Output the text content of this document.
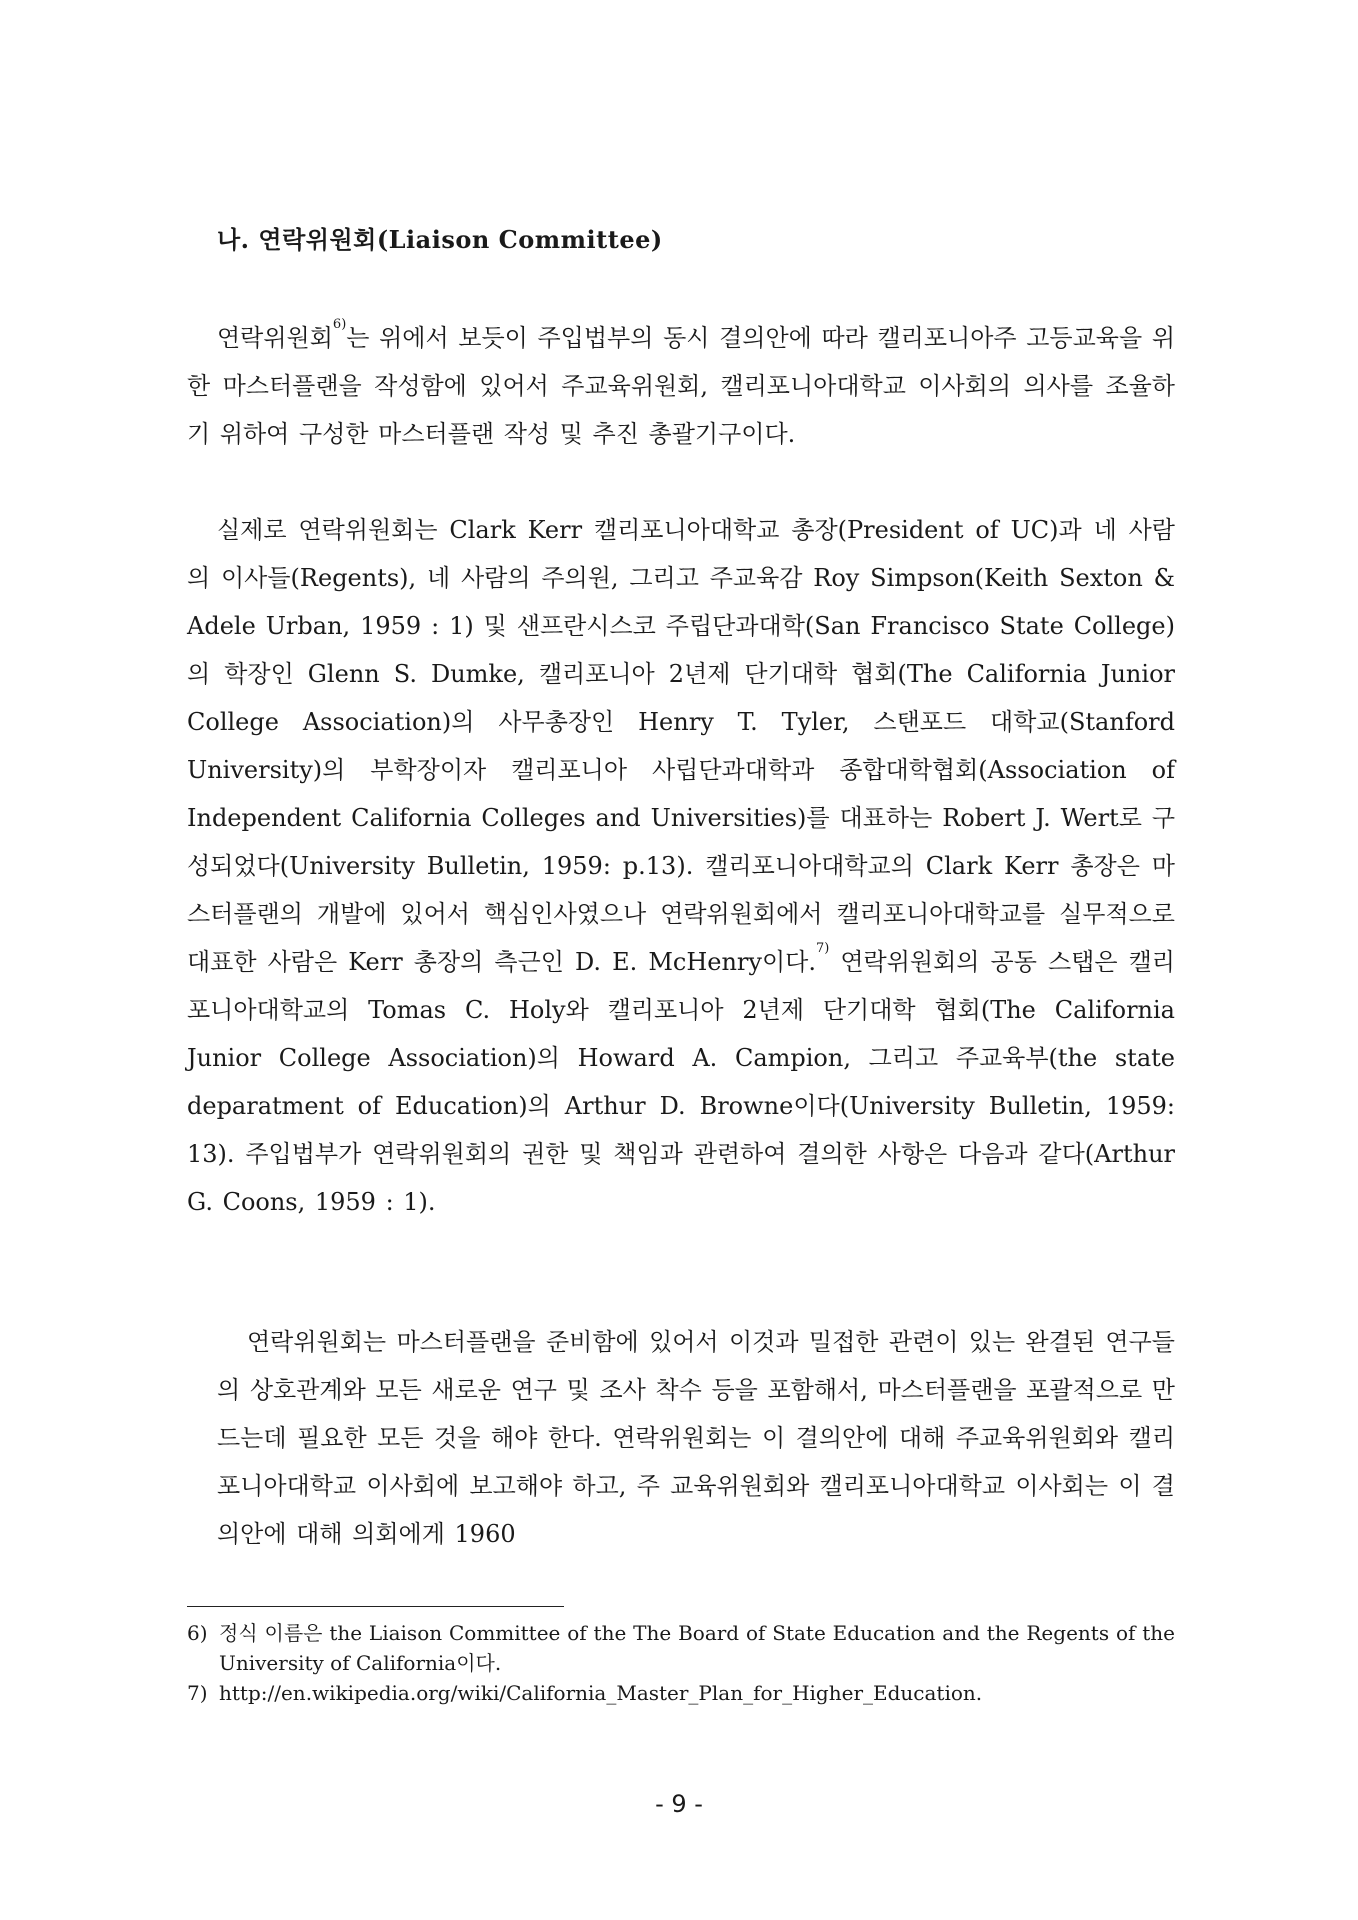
나. 연락위원회(Liaison Committee)

연락위원회$^{6)}$는 위에서 보듯이 주입법부의 동시 결의안에 따라 캘리포니아주 고등교육을 위한 마스터플랜을 작성함에 있어서 주교육위원회, 캘리포니아대학교 이사회의 의사를 조율하기 위하여 구성한 마스터플랜 작성 및 추진 총괄기구이다.

실제로 연락위원회는 Clark Kerr 캘리포니아대학교 총장(President of UC)과 네 사람의 이사들(Regents), 네 사람의 주의원, 그리고 주교육감 Roy Simpson(Keith Sexton & Adele Urban, 1959 : 1) 및 샌프란시스코 주립단과대학(San Francisco State College)의 학장인 Glenn S. Dumke, 캘리포니아 2년제 단기대학 협회(The California Junior College Association)의 사무총장인 Henry T. Tyler, 스탠포드 대학교(Stanford University)의 부학장이자 캘리포니아 사립단과대학과 종합대학협회(Association of Independent California Colleges and Universities)를 대표하는 Robert J. Wert로 구성되었다(University Bulletin, 1959: p.13). 캘리포니아대학교의 Clark Kerr 총장은 마스터플랜의 개발에 있어서 핵심인사였으나 연락위원회에서 캘리포니아대학교를 실무적으로 대표한 사람은 Kerr 총장의 측근인 D. E. McHenry이다.$^{7)}$ 연락위원회의 공동 스탭은 캘리포니아대학교의 Tomas C. Holy와 캘리포니아 2년제 단기대학 협회(The California Junior College Association)의 Howard A. Campion, 그리고 주교육부(the state deparatment of Education)의 Arthur D. Browne이다(University Bulletin, 1959: 13). 주입법부가 연락위원회의 권한 및 책임과 관련하여 결의한 사항은 다음과 같다(Arthur G. Coons, 1959 : 1).

연락위원회는 마스터플랜을 준비함에 있어서 이것과 밀접한 관련이 있는 완결된 연구들의 상호관계와 모든 새로운 연구 및 조사 착수 등을 포함해서, 마스터플랜을 포괄적으로 만드는데 필요한 모든 것을 해야 한다. 연락위원회는 이 결의안에 대해 주교육위원회와 캘리포니아대학교 이사회에 보고해야 하고, 주 교육위원회와 캘리포니아대학교 이사회는 이 결의안에 대해 의회에게 1960

6) 정식 이름은 the Liaison Committee of the The Board of State Education and the Regents of the University of California이다.
7) http://en.wikipedia.org/wiki/California_Master_Plan_for_Higher_Education.
- 9 -
